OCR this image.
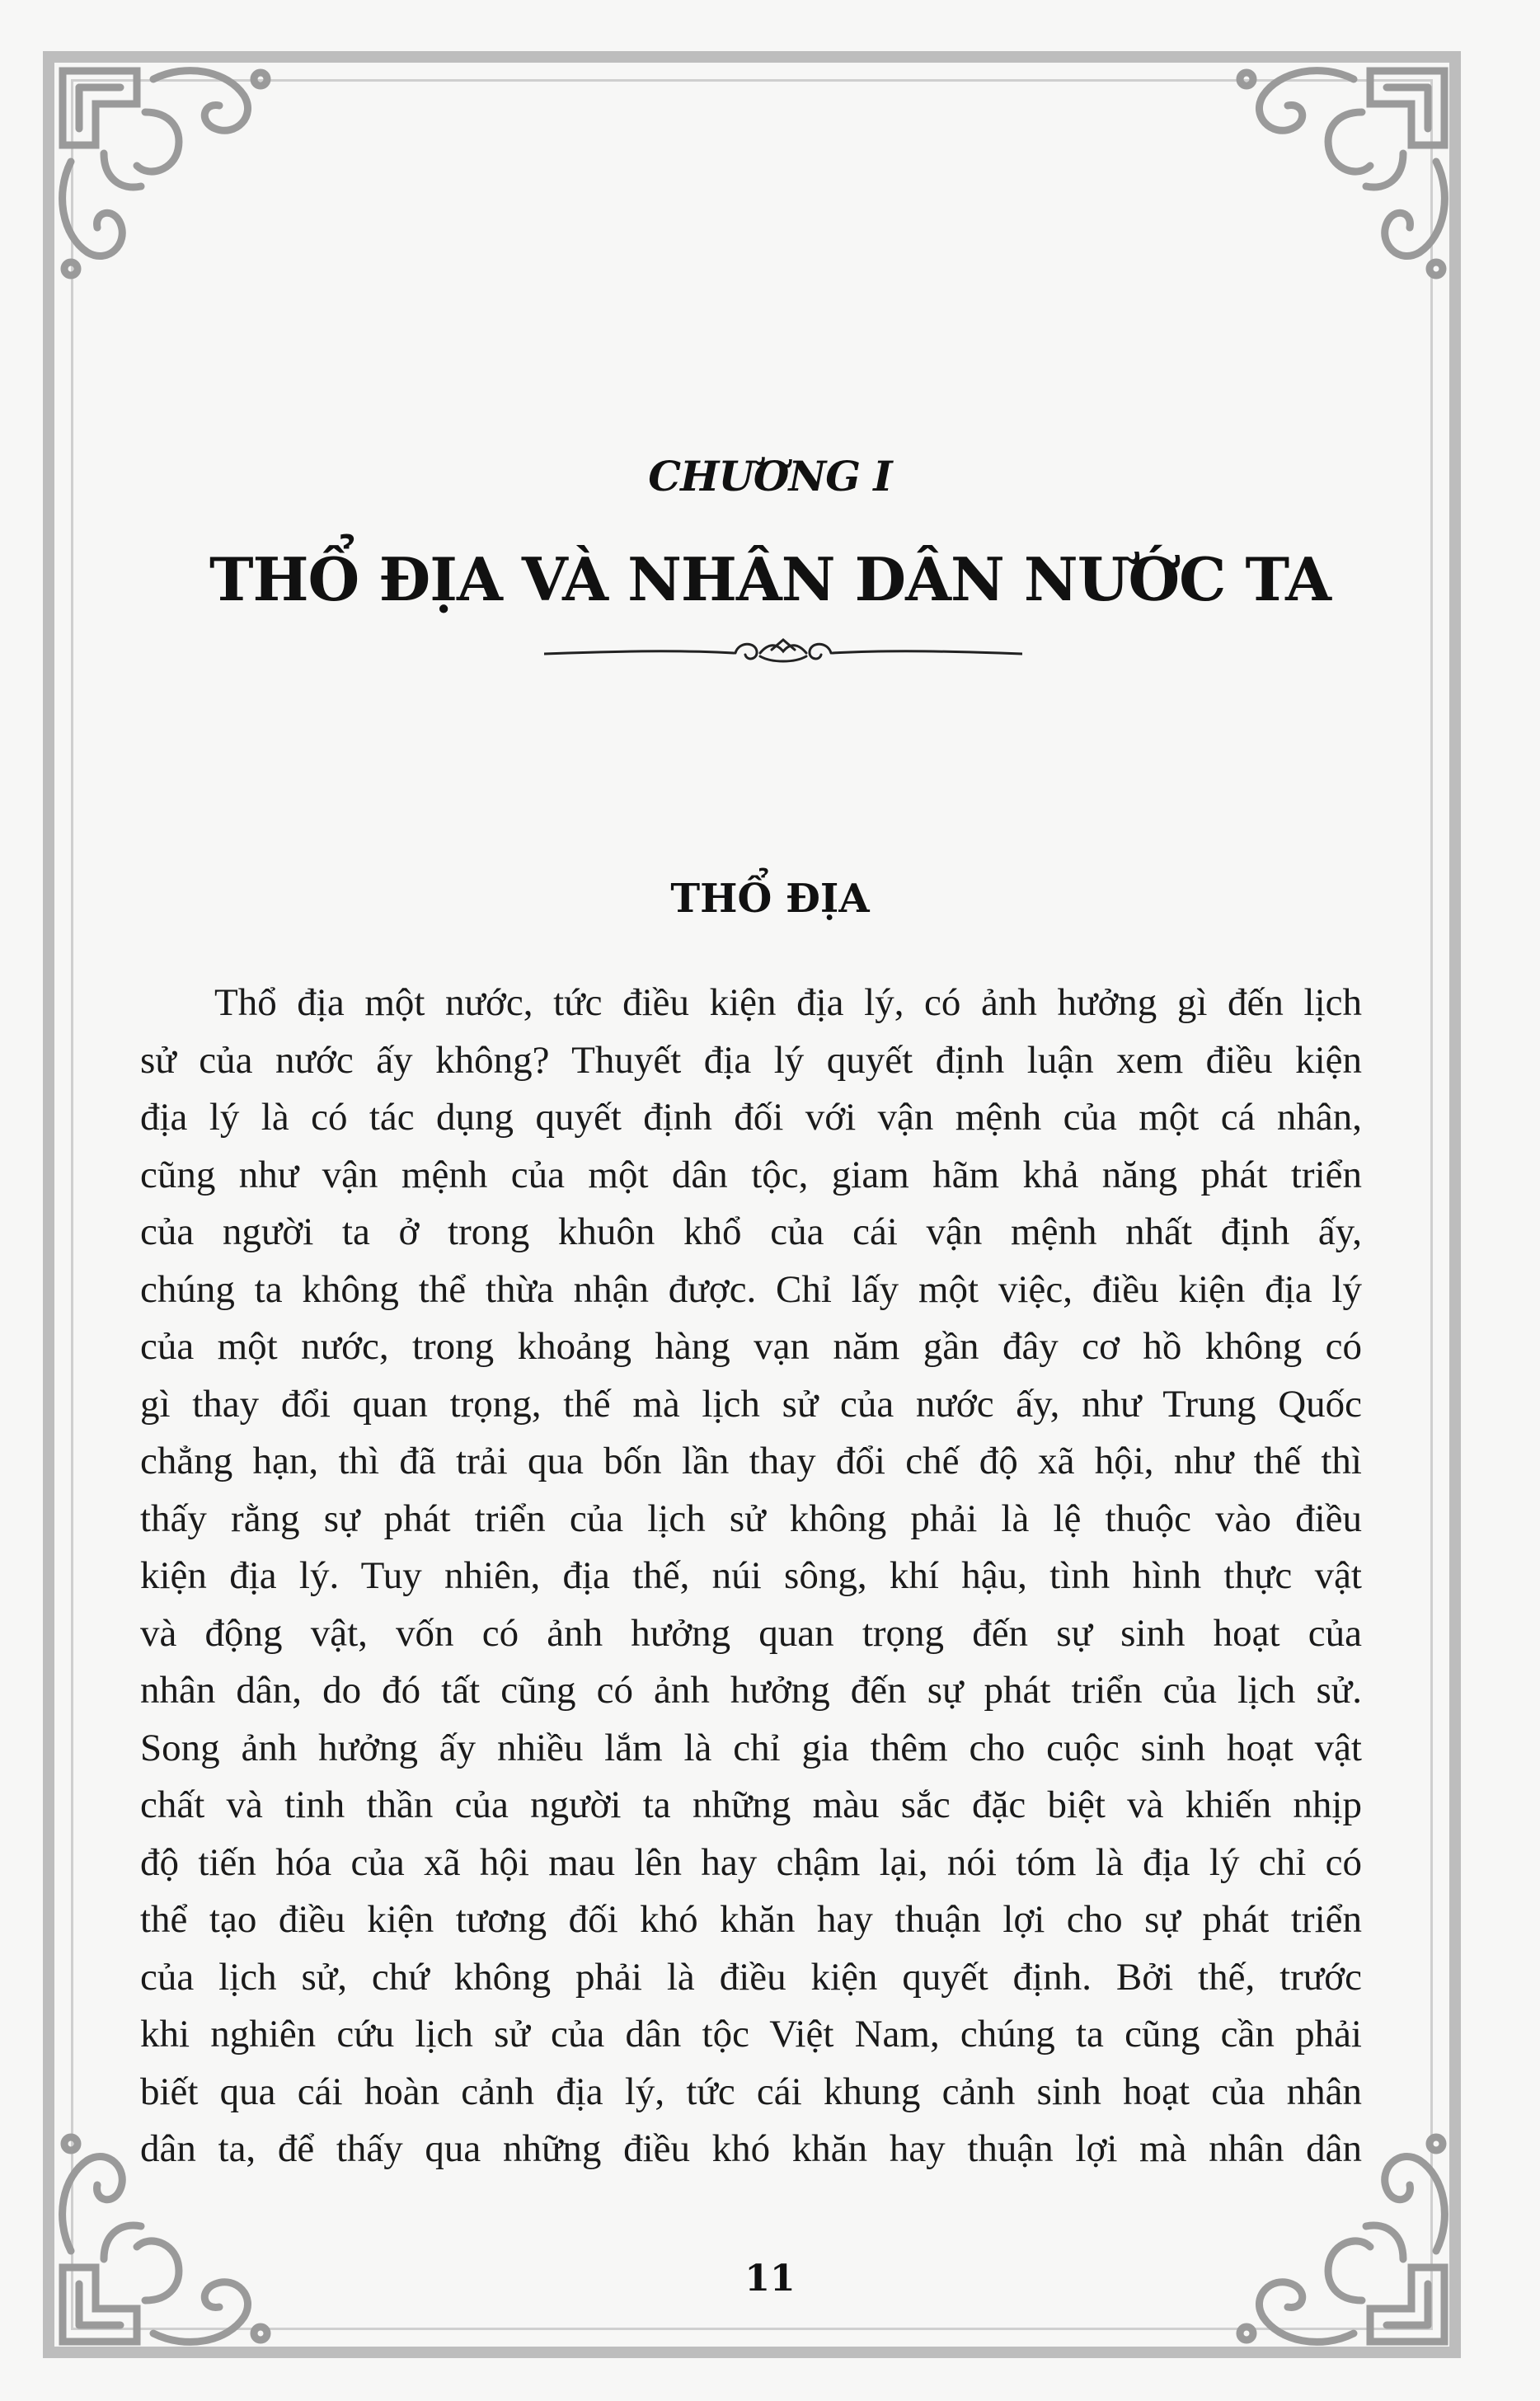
CHƯƠNG I
THỔ ĐỊA VÀ NHÂN DÂN NƯỚC TA
THỔ ĐỊA
Thổ địa một nước, tức điều kiện địa lý, có ảnh hưởng gì đến lịch
sử của nước ấy không? Thuyết địa lý quyết định luận xem điều kiện
địa lý là có tác dụng quyết định đối với vận mệnh của một cá nhân,
cũng như vận mệnh của một dân tộc, giam hãm khả năng phát triển
của người ta ở trong khuôn khổ của cái vận mệnh nhất định ấy,
chúng ta không thể thừa nhận được. Chỉ lấy một việc, điều kiện địa lý
của một nước, trong khoảng hàng vạn năm gần đây cơ hồ không có
gì thay đổi quan trọng, thế mà lịch sử của nước ấy, như Trung Quốc
chẳng hạn, thì đã trải qua bốn lần thay đổi chế độ xã hội, như thế thì
thấy rằng sự phát triển của lịch sử không phải là lệ thuộc vào điều
kiện địa lý. Tuy nhiên, địa thế, núi sông, khí hậu, tình hình thực vật
và động vật, vốn có ảnh hưởng quan trọng đến sự sinh hoạt của
nhân dân, do đó tất cũng có ảnh hưởng đến sự phát triển của lịch sử.
Song ảnh hưởng ấy nhiều lắm là chỉ gia thêm cho cuộc sinh hoạt vật
chất và tinh thần của người ta những màu sắc đặc biệt và khiến nhịp
độ tiến hóa của xã hội mau lên hay chậm lại, nói tóm là địa lý chỉ có
thể tạo điều kiện tương đối khó khăn hay thuận lợi cho sự phát triển
của lịch sử, chứ không phải là điều kiện quyết định. Bởi thế, trước
khi nghiên cứu lịch sử của dân tộc Việt Nam, chúng ta cũng cần phải
biết qua cái hoàn cảnh địa lý, tức cái khung cảnh sinh hoạt của nhân
dân ta, để thấy qua những điều khó khăn hay thuận lợi mà nhân dân
11
